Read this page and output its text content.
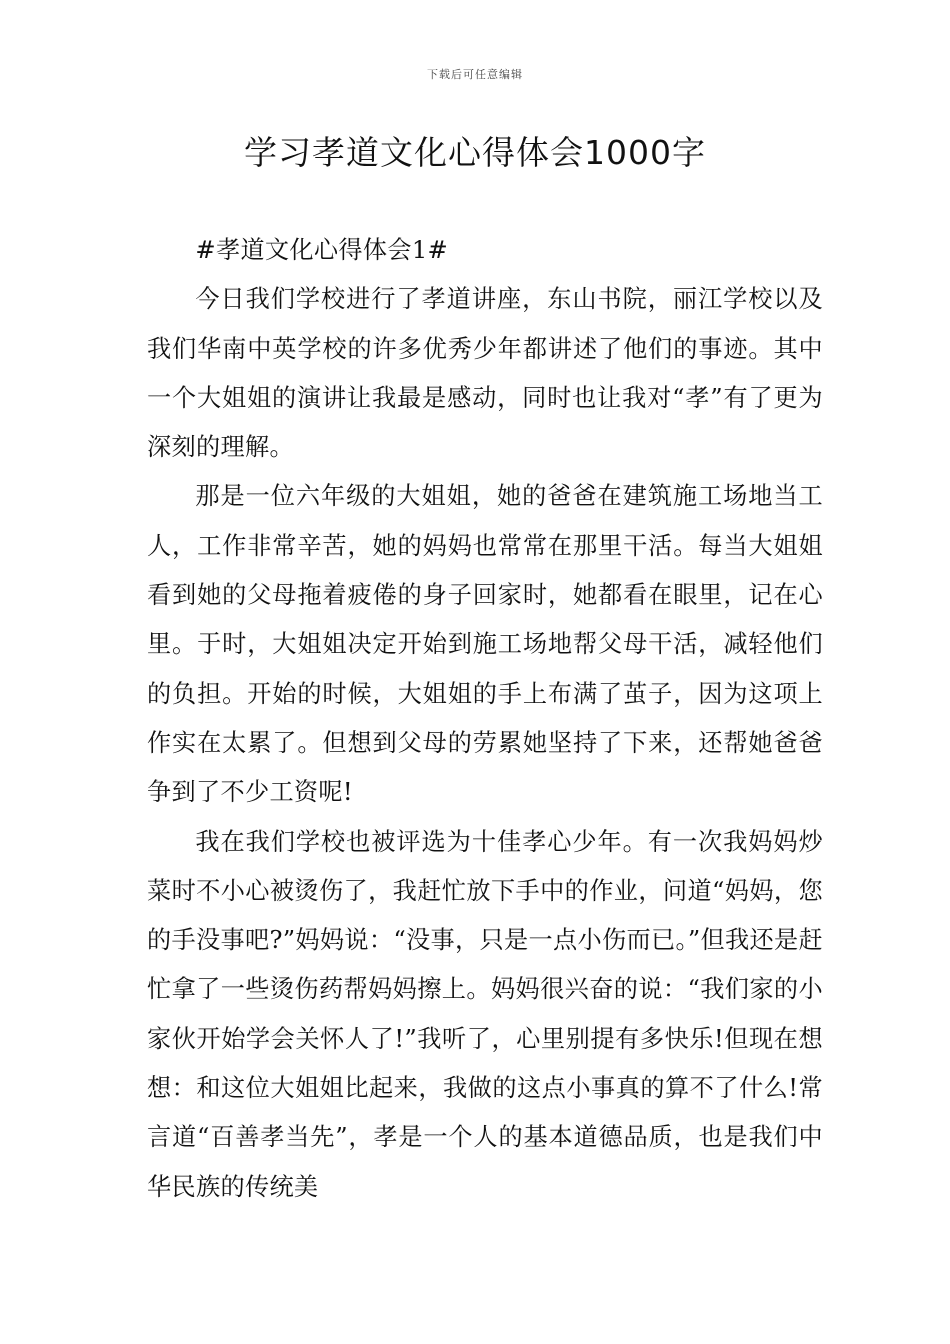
下载后可任意编辑
学习孝道文化心得体会1000字

#孝道文化心得体会1#

今日我们学校进行了孝道讲座，东山书院，丽江学校以及我们华南中英学校的许多优秀少年都讲述了他们的事迹。其中一个大姐姐的演讲让我最是感动，同时也让我对“孝”有了更为深刻的理解。

那是一位六年级的大姐姐，她的爸爸在建筑施工场地当工人，工作非常辛苦，她的妈妈也常常在那里干活。每当大姐姐看到她的父母拖着疲倦的身子回家时，她都看在眼里，记在心里。于时，大姐姐决定开始到施工场地帮父母干活，减轻他们的负担。开始的时候，大姐姐的手上布满了茧子，因为这项上作实在太累了。但想到父母的劳累她坚持了下来，还帮她爸爸争到了不少工资呢!

我在我们学校也被评选为十佳孝心少年。有一次我妈妈炒菜时不小心被烫伤了，我赶忙放下手中的作业，问道“妈妈，您的手没事吧?”妈妈说：“没事，只是一点小伤而已。”但我还是赶忙拿了一些烫伤药帮妈妈擦上。妈妈很兴奋的说：“我们家的小家伙开始学会关怀人了!”我听了，心里别提有多快乐!但现在想想：和这位大姐姐比起来，我做的这点小事真的算不了什么!常言道“百善孝当先”，孝是一个人的基本道德品质，也是我们中华民族的传统美
